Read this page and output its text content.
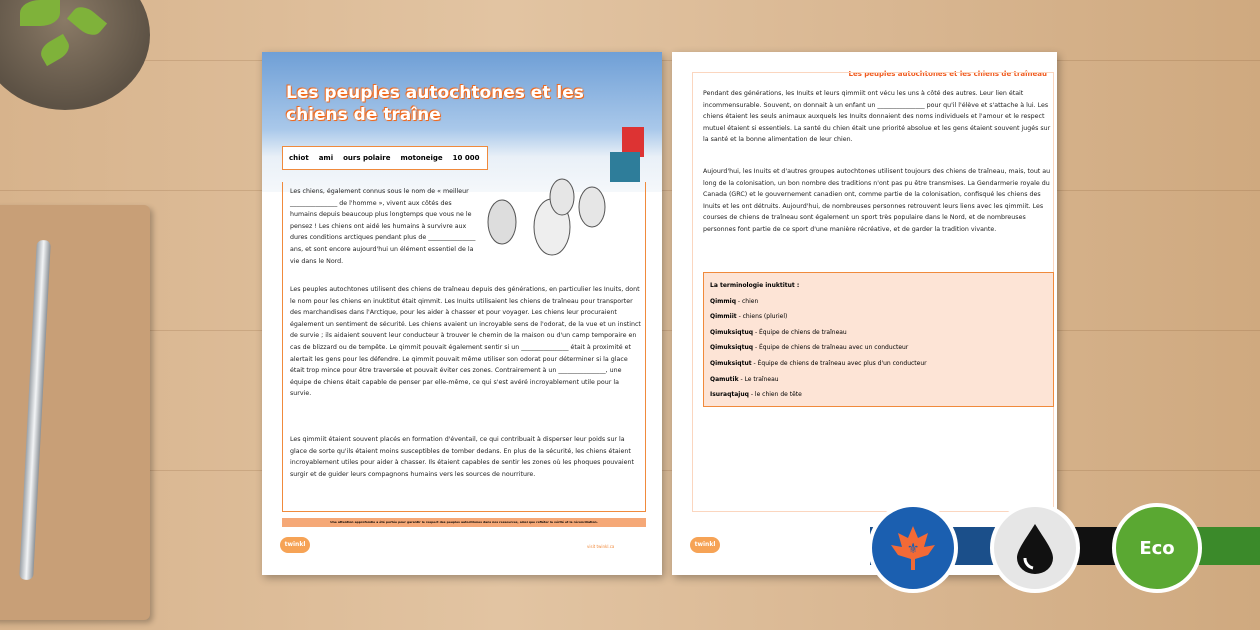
Les peuples autochtones et les chiens de traîne
chiot ami ours polaire motoneige 10 000
Les chiens, également connus sous le nom de « meilleur _______________ de l'homme », vivent aux côtés des humains depuis beaucoup plus longtemps que vous ne le pensez ! Les chiens ont aidé les humains à survivre aux dures conditions arctiques pendant plus de _______________ ans, et sont encore aujourd'hui un élément essentiel de la vie dans le Nord.
Les peuples autochtones utilisent des chiens de traîneau depuis des générations, en particulier les Inuits, dont le nom pour les chiens en inuktitut était qimmit. Les Inuits utilisaient les chiens de traîneau pour transporter des marchandises dans l'Arctique, pour les aider à chasser et pour voyager. Les chiens leur procuraient également un sentiment de sécurité. Les chiens avaient un incroyable sens de l'odorat, de la vue et un instinct de survie ; ils aidaient souvent leur conducteur à trouver le chemin de la maison ou d'un camp temporaire en cas de blizzard ou de tempête. Le qimmit pouvait également sentir si un _______________ était à proximité et alertait les gens pour les défendre. Le qimmit pouvait même utiliser son odorat pour déterminer si la glace était trop mince pour être traversée et pouvait éviter ces zones. Contrairement à un _______________, une équipe de chiens était capable de penser par elle-même, ce qui s'est avéré incroyablement utile pour la survie.
Les qimmiit étaient souvent placés en formation d'éventail, ce qui contribuait à disperser leur poids sur la glace de sorte qu'ils étaient moins susceptibles de tomber dedans. En plus de la sécurité, les chiens étaient incroyablement utiles pour aider à chasser. Ils étaient capables de sentir les zones où les phoques pouvaient surgir et de guider leurs compagnons humains vers les sources de nourriture.
Une attention approfondie a été portée pour garantir le respect des peuples autochtones dans nos ressources, ainsi que refléter la vérité et la réconciliation.
twinkl	visit twinkl.ca
Les peuples autochtones et les chiens de traîneau
Pendant des générations, les Inuits et leurs qimmiit ont vécu les uns à côté des autres. Leur lien était incommensurable. Souvent, on donnait à un enfant un _______________ pour qu'il l'élève et s'attache à lui. Les chiens étaient les seuls animaux auxquels les Inuits donnaient des noms individuels et l'amour et le respect mutuel étaient si essentiels. La santé du chien était une priorité absolue et les gens étaient souvent jugés sur la santé et la bonne alimentation de leur chien.
Aujourd'hui, les Inuits et d'autres groupes autochtones utilisent toujours des chiens de traîneau, mais, tout au long de la colonisation, un bon nombre des traditions n'ont pas pu être transmises. La Gendarmerie royale du Canada (GRC) et le gouvernement canadien ont, comme partie de la colonisation, confisqué les chiens des Inuits et les ont détruits. Aujourd'hui, de nombreuses personnes retrouvent leurs liens avec les qimmiit. Les courses de chiens de traîneau sont également un sport très populaire dans le Nord, et de nombreuses personnes font partie de ce sport d'une manière récréative, et de garder la tradition vivante.
La terminologie inuktitut :
Qimmiq - chien
Qimmiit - chiens (pluriel)
Qimuksiqtuq - Équipe de chiens de traîneau
Qimuksiqtuq - Équipe de chiens de traîneau avec un conducteur
Qimuksiqtut - Équipe de chiens de traîneau avec plus d'un conducteur
Qamutik - Le traîneau
Isuraqtajuq - le chien de tête
twinkl	⚜	Eco
